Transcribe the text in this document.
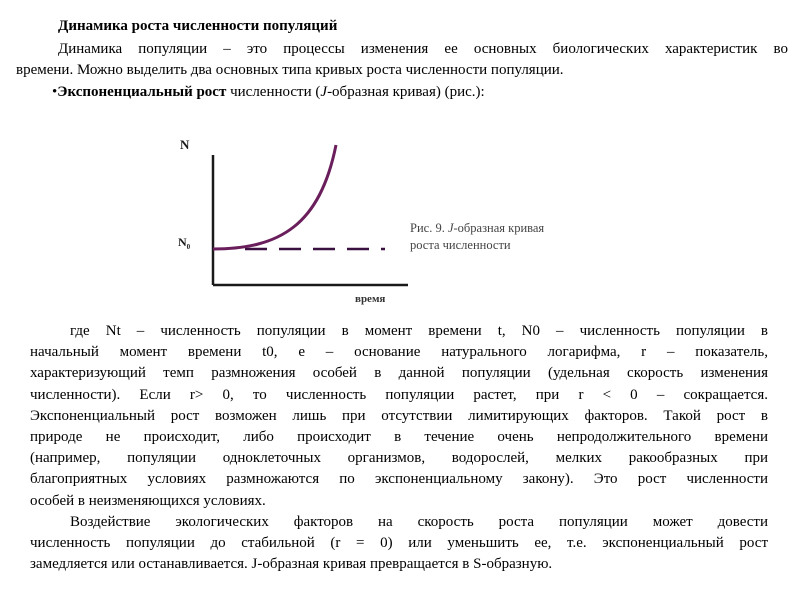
Динамика роста численности популяций
Динамика популяции – это процессы изменения ее основных биологических характеристик во
времени. Можно выделить два основных типа кривых роста численности популяции.
•Экспоненциальный рост численности (J-образная кривая) (рис.):
N
$N_0$
время
Рис. 9. J-образная кривая
роста численности
где Nt – численность популяции в момент времени t, N0 – численность популяции в
начальный момент времени t0, e – основание натурального логарифма, r – показатель,
характеризующий темп размножения особей в данной популяции (удельная скорость изменения
численности). Если r> 0, то численность популяции растет, при r < 0 – сокращается.
Экспоненциальный рост возможен лишь при отсутствии лимитирующих факторов. Такой рост в
природе не происходит, либо происходит в течение очень непродолжительного времени
(например, популяции одноклеточных организмов, водорослей, мелких ракообразных при
благоприятных условиях размножаются по экспоненциальному закону). Это рост численности
особей в неизменяющихся условиях.
Воздействие экологических факторов на скорость роста популяции может довести
численность популяции до стабильной (r = 0) или уменьшить ее, т.е. экспоненциальный рост
замедляется или останавливается. J-образная кривая превращается в S-образную.
